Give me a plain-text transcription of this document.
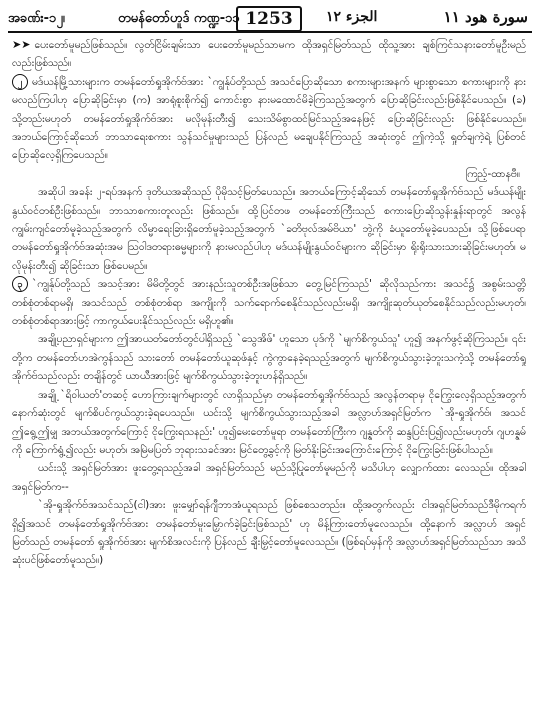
အခဏ်း-၁၂၊	တမန်တော်ဟူဒ် ကဏ္ဍ-၁၁ 1253	الجزء ١٢	سورة هود ١١

➤➤ ပေးတော်မူမည်ဖြစ်သည်။ လွတ်ငြိမ်းချမ်းသာ ပေးတော်မူမည်သာမက ထိုအရှင်မြတ်သည် ထိုသူ့အား ချစ်ကြင်သနားတော်မူဦးမည်လည်းဖြစ်သည်။

၂ မဒ်ယန်မြို့သားများက တမန်တော်ရှုအိုက်ဗ်အား `ကျွန်ုပ်တို့သည် အသင်ပြောဆိုသော စကားများအနက် များစွာသော စကားများကို နားမလည်ကြပါဟု ပြောဆိုခြင်းမှာ (က) အာရုံစူးစိုက်၍ ကောင်းစွာ နားမထောင်မိခဲ့ကြသည့်အတွက် ပြောဆိုခြင်းလည်းဖြစ်နိုင်ပေသည်။ (ခ) သို့တည်းမဟုတ် တမန်တော်ရှုအိုက်ဗ်အား မလိုမုန်းတီး၍ သေးသိမ်စွာထင်မြင်သည့်အနေဖြင့် ပြောဆိုခြင်းလည်း ဖြစ်နိုင်ပေသည်။ အဘယ်ကြောင့်ဆိုသော် ဘာသာရေးစကား သွန်သင်မှုများသည် ပြန်လည် မချေပနိုင်ကြသည့် အဆုံးတွင် ဤကဲ့သို့ ရှုတ်ချကဲ့ရဲ့ ပြစ်တင်ပြောဆိုလေ့ရှိကြပေသည်။

ကြည့်-ထာနဗီ။

အဆိုပါ အခန်း ၂-ရပ်အနက် ဒုတိယအဆိုသည် ပိုမိုသင့်မြတ်ပေသည်။ အဘယ်ကြောင့်ဆိုသော် တမန်တော်ရှုအိုက်ဗ်သည် မဒ်ယန်မျိုးနွယ်ဝင်တစ်ဦးဖြစ်သည်။ ဘာသာစကားတူလည်း ဖြစ်သည်။ ထို့ပြင်တဖ တမန်တော်ကြီးသည် စကားပြောဆိုသွန်းနှုန်းရာတွင် အလွန်ကျွမ်းကျင်တော်မူခဲ့သည့်အတွက် လိမ္မာရေးခြားရှိတော်မူခဲ့သည့်အတွက် `ခတိဗုလ်အမ်ဗိယာ' ဘွဲ့ကို ခံယူတော်မူခဲ့ပေသည်။ သို့ဖြစ်ပေရာ တမန်တော်ရှုအိုက်ဗ်အဆုံးအမ ဩဝါဒတရားဓမ္မများကို နားမလည်ပါဟု မဒ်ယန်မျိုးနွယ်ဝင်များက ဆိုခြင်းမှာ ရိုးရိုးသားသားဆိုခြင်းမဟုတ်၊ မလိုမုန်းတီး၍ ဆိုခြင်းသာ ဖြစ်ပေမည်။

၃ `ကျွန်ုပ်တို့သည် အသင့်အား မိမိတို့တွင် အားနည်းသူတစ်ဦးအဖြစ်သာ တွေ့မြင်ကြသည်' ဆိုလိုသည်ကား အသင်၌ အစွမ်းသတ္တိ တစ်စုံတစ်ရာမရှိ၊ အသင်သည် တစ်စုံတစ်ရာ အကျိုးကို သက်ရောက်စေနိုင်သည်လည်းမရှိ၊ အကျိုးဆုတ်ယုတ်စေနိုင်သည်လည်းမဟုတ်၊ တစ်စုံတစ်ရာအားဖြင့် ကာကွယ်ပေးနိုင်သည်လည်း မရှိဟူ၏။

အချို့ပညာရှင်များက ဤအာယတ်တော်တွင်ပါရှိသည့် `သွေအိဖ်' ဟူသော ပုဒ်ကို `မျက်စိကွယ်သူ' ဟူ၍ အနက်ဖွင့်ဆိုကြသည်။ ၎င်းတို့က တမန်တော်ဟအဲကွန်သည် သားတော် တမန်တော်ယူဆုဖ်နှင့် ကွဲကွာနေခဲ့ရသည့်အတွက် မျက်စိကွယ်သွားခဲ့ဘူးသကဲ့သို့ တမန်တော်ရှုအိုက်ဗ်သည်လည်း တချိန်တွင် ယာယီအားဖြင့် မျက်စိကွယ်သွားခဲ့ဘူးဟန်ရှိသည်။

အချို့ `ရိဝါယတ်'တဆင့် ဟောကြားချက်များတွင် လာရှိသည်မှာ တမန်တော်ရှုအိုက်ဗ်သည် အလွန်တရာမှ ငိုကြွေးလေ့ရှိသည့်အတွက် နောက်ဆုံးတွင် မျက်စိပင်ကွယ်သွားခဲ့ရပေသည်။ ယင်းသို့ မျက်စိကွယ်သွားသည့်အခါ အလ္လာဟ်အရှင်မြတ်က `အို-ရှုအိုက်ဗ်၊ အသင် ဤရွေ့ဤမျှ အဘယ်အတွက်ကြောင့် ငိုကြွေးရသနည်း' ဟူ၍မေးတော်မူရာ တမန်တော်ကြီးက ဂျန္နတ်ကို ဆန္ဒပြင်းပြ၍လည်းမဟုတ်၊ ဂျဟန္နမ်ကို ကြောက်ရွံ့၍လည်း မဟုတ်၊ အမြဲမပြတ် ဘုရားသခင်အား မြင်တွေ့ခွင့်ကို မြတ်နိုးခြင်းအကြောင်းကြောင့် ငိုကြွေးခြင်းဖြစ်ပါသည်။

ယင်းသို့ အရှင်မြတ်အား ဖူးတွေ့ရသည့်အခါ အရှင်မြတ်သည် မည်သို့ပြုတော်မူမည်ကို မသိပါဟု လျှောက်ထား လေသည်။ ထိုအခါ အရှင်မြတ်က--

`အို-ရှုအိုက်ဗ်အသင်သည်(ငါ)အား ဖူးမျှော်ရန်ဂျီဘာအံယူရသည် ဖြစ်စေသတည်း။ ထို့အတွက်လည်း ငါအရှင်မြတ်သည်ဒီမိုကရက်ရှိ၍အသင် တမန်တော်ရှုအိုက်ဗ်အား တမန်တော်မူးမြှောက်ခဲ့ခြင်းဖြစ်သည်' ဟု မိန့်ကြားတော်မူလေသည်။ ထို့နောက် အလ္လာဟ် အရှင်မြတ်သည် တမန်တော် ရှုအိုက်ဗ်အား မျက်စိအလင်းကို ပြန်လည် ချီးမြှင့်တော်မူလေသည်။ (ဖြစ်ရပ်မှန်ကို အလ္လာဟ်အရှင်မြတ်သည်သာ အသိဆုံးပင်ဖြစ်တော်မူသည်။)
